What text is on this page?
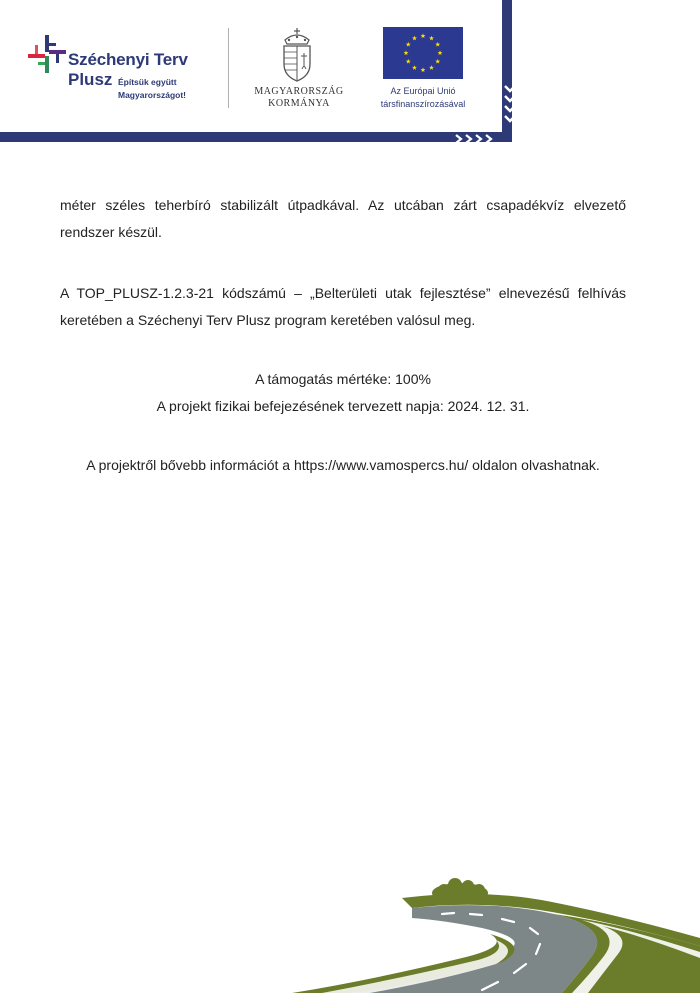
Széchenyi Terv
Plusz Építsük együtt
Magyarországot!	MAGYARORSZÁG
KORMÁNYA
Az Európai Unió
társfinanszírozásával
méter széles teherbíró stabilizált útpadkával. Az utcában zárt csapadékvíz elvezető rendszer készül.
A TOP_PLUSZ-1.2.3-21 kódszámú – „Belterületi utak fejlesztése” elnevezésű felhívás keretében a Széchenyi Terv Plusz program keretében valósul meg.
A támogatás mértéke: 100%
A projekt fizikai befejezésének tervezett napja: 2024. 12. 31.
A projektről bővebb információt a https://www.vamospercs.hu/ oldalon olvashatnak.
